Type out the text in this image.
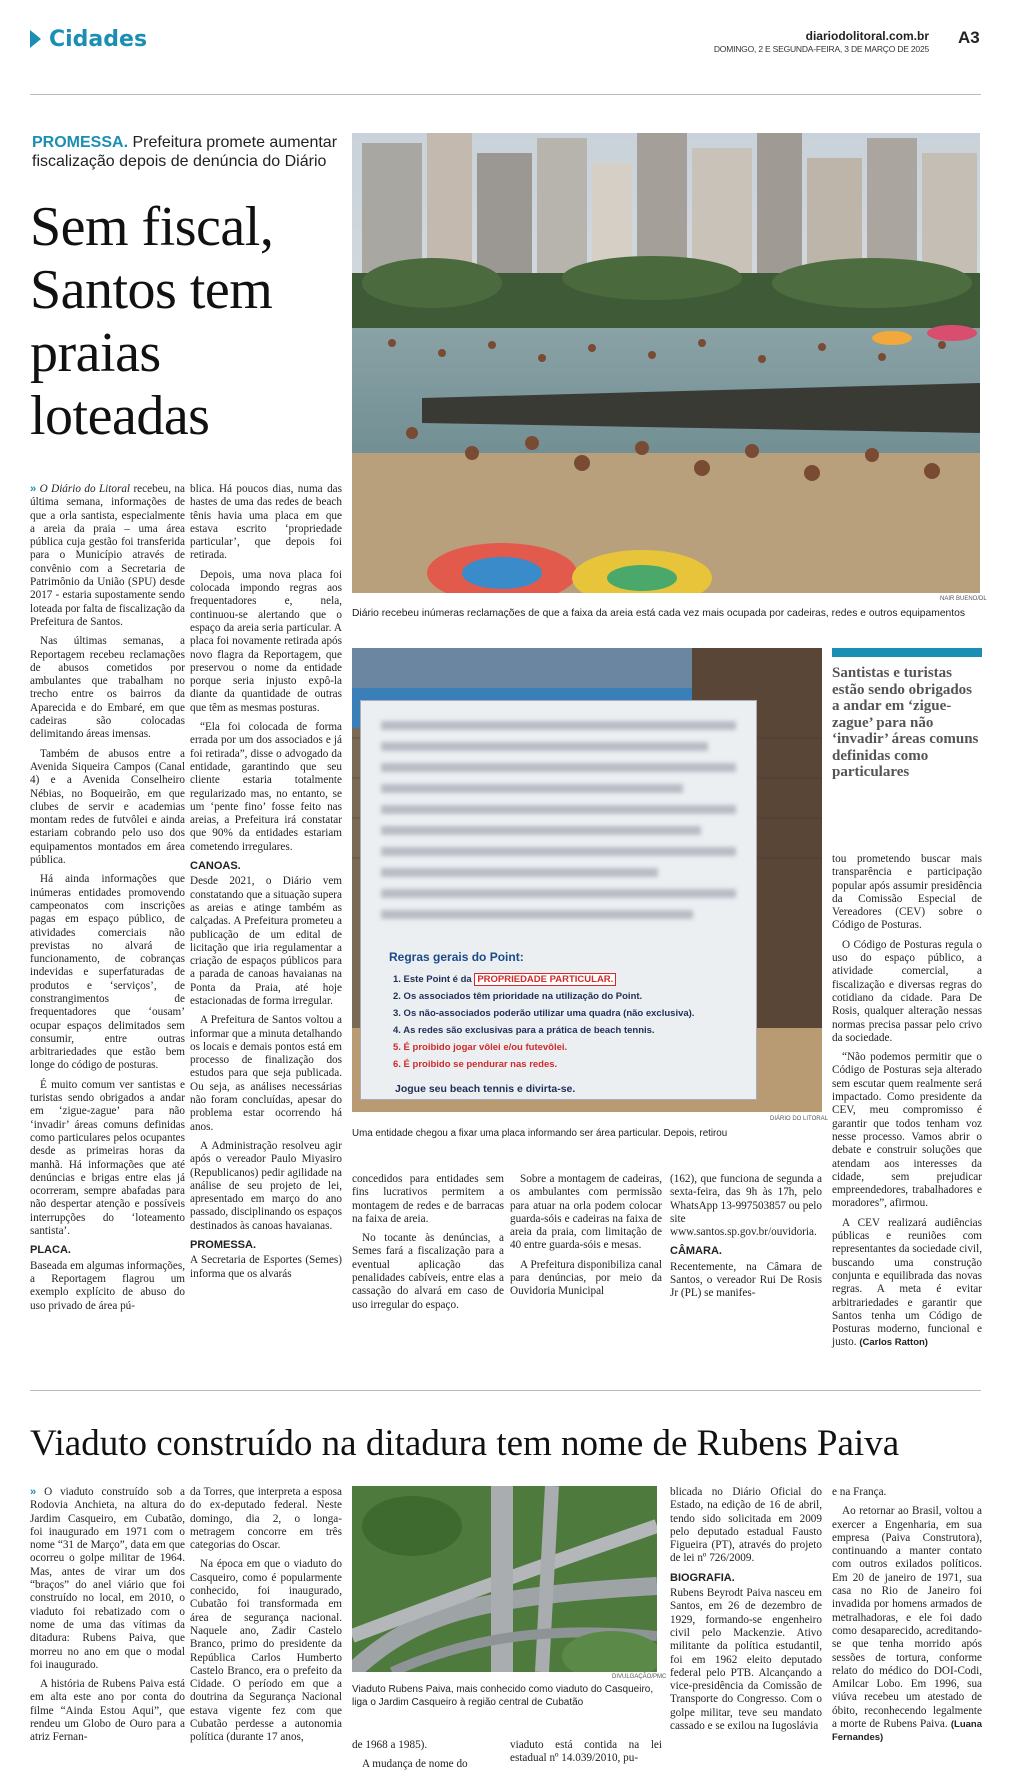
Cidades	diariodolitoral.com.br
DOMINGO, 2 E SEGUNDA-FEIRA, 3 DE MARÇO DE 2025
A3
PROMESSA. Prefeitura promete aumentar fiscalização depois de denúncia do Diário
Sem fiscal, Santos tem praias loteadas
NAIR BUENO/DL
Diário recebeu inúmeras reclamações de que a faixa da areia está cada vez mais ocupada por cadeiras, redes e outros equipamentos
Regras gerais do Point:
1. Este Point é da PROPRIEDADE PARTICULAR.
2. Os associados têm prioridade na utilização do Point.
3. Os não-associados poderão utilizar uma quadra (não exclusiva).
4. As redes são exclusivas para a prática de beach tennis.
5. É proibido jogar vôlei e/ou futevôlei.
6. É proibido se pendurar nas redes.
Jogue seu beach tennis e divirta-se.
DIÁRIO DO LITORAL
Uma entidade chegou a fixar uma placa informando ser área particular. Depois, retirou
Santistas e turistas estão sendo obrigados a andar em ‘zigue-zague’ para não ‘invadir’ áreas comuns definidas como particulares

» O Diário do Litoral recebeu, na última semana, informações de que a orla santista, especialmente a areia da praia – uma área pública cuja gestão foi transferida para o Município através de convênio com a Secretaria de Patrimônio da União (SPU) desde 2017 - estaria supostamente sendo loteada por falta de fiscalização da Prefeitura de Santos.

Nas últimas semanas, a Reportagem recebeu reclamações de abusos cometidos por ambulantes que trabalham no trecho entre os bairros da Aparecida e do Embaré, em que cadeiras são colocadas delimitando áreas imensas.

Também de abusos entre a Avenida Siqueira Campos (Canal 4) e a Avenida Conselheiro Nébias, no Boqueirão, em que clubes de servir e academias montam redes de futvôlei e ainda estariam cobrando pelo uso dos equipamentos montados em área pública.

Há ainda informações que inúmeras entidades promovendo campeonatos com inscrições pagas em espaço público, de atividades comerciais não previstas no alvará de funcionamento, de cobranças indevidas e superfaturadas de produtos e ‘serviços’, de constrangimentos de frequentadores que ‘ousam’ ocupar espaços delimitados sem consumir, entre outras arbitrariedades que estão bem longe do código de posturas.

É muito comum ver santistas e turistas sendo obrigados a andar em ‘zigue-zague’ para não ‘invadir’ áreas comuns definidas como particulares pelos ocupantes desde as primeiras horas da manhã. Há informações que até denúncias e brigas entre elas já ocorreram, sempre abafadas para não despertar atenção e possíveis interrupções do ‘loteamento santista’.

PLACA.

Baseada em algumas informações, a Reportagem flagrou um exemplo explícito de abuso do uso privado de área pú-

blica. Há poucos dias, numa das hastes de uma das redes de beach tênis havia uma placa em que estava escrito ‘propriedade particular’, que depois foi retirada.

Depois, uma nova placa foi colocada impondo regras aos frequentadores e, nela, continuou-se alertando que o espaço da areia seria particular. A placa foi novamente retirada após novo flagra da Reportagem, que preservou o nome da entidade porque seria injusto expô-la diante da quantidade de outras que têm as mesmas posturas.

“Ela foi colocada de forma errada por um dos associados e já foi retirada”, disse o advogado da entidade, garantindo que seu cliente estaria totalmente regularizado mas, no entanto, se um ‘pente fino’ fosse feito nas areias, a Prefeitura irá constatar que 90% da entidades estariam cometendo irregulares.

CANOAS.

Desde 2021, o Diário vem constatando que a situação supera as areias e atinge também as calçadas. A Prefeitura prometeu a publicação de um edital de licitação que iria regulamentar a criação de espaços públicos para a parada de canoas havaianas na Ponta da Praia, até hoje estacionadas de forma irregular.

A Prefeitura de Santos voltou a informar que a minuta detalhando os locais e demais pontos está em processo de finalização dos estudos para que seja publicada. Ou seja, as análises necessárias não foram concluídas, apesar do problema estar ocorrendo há anos.

A Administração resolveu agir após o vereador Paulo Miyasiro (Republicanos) pedir agilidade na análise de seu projeto de lei, apresentado em março do ano passado, disciplinando os espaços destinados às canoas havaianas.

PROMESSA.

A Secretaria de Esportes (Semes) informa que os alvarás

concedidos para entidades sem fins lucrativos permitem a montagem de redes e de barracas na faixa de areia.

No tocante às denúncias, a Semes fará a fiscalização para a eventual aplicação das penalidades cabíveis, entre elas a cassação do alvará em caso de uso irregular do espaço.

Sobre a montagem de cadeiras, os ambulantes com permissão para atuar na orla podem colocar guarda-sóis e cadeiras na faixa de areia da praia, com limitação de 40 entre guarda-sóis e mesas.

A Prefeitura disponibiliza canal para denúncias, por meio da Ouvidoria Municipal

(162), que funciona de segunda a sexta-feira, das 9h às 17h, pelo WhatsApp 13-997503857 ou pelo site www.santos.sp.gov.br/ouvidoria.

CÂMARA.

Recentemente, na Câmara de Santos, o vereador Rui De Rosis Jr (PL) se manifes-

tou prometendo buscar mais transparência e participação popular após assumir presidência da Comissão Especial de Vereadores (CEV) sobre o Código de Posturas.

O Código de Posturas regula o uso do espaço público, a atividade comercial, a fiscalização e diversas regras do cotidiano da cidade. Para De Rosis, qualquer alteração nessas normas precisa passar pelo crivo da sociedade.

“Não podemos permitir que o Código de Posturas seja alterado sem escutar quem realmente será impactado. Como presidente da CEV, meu compromisso é garantir que todos tenham voz nesse processo. Vamos abrir o debate e construir soluções que atendam aos interesses da cidade, sem prejudicar empreendedores, trabalhadores e moradores”, afirmou.

A CEV realizará audiências públicas e reuniões com representantes da sociedade civil, buscando uma construção conjunta e equilibrada das novas regras. A meta é evitar arbitrariedades e garantir que Santos tenha um Código de Posturas moderno, funcional e justo. (Carlos Ratton)

Viaduto construído na ditadura tem nome de Rubens Paiva
DIVULGAÇÃO/PMC
Viaduto Rubens Paiva, mais conhecido como viaduto do Casqueiro, liga o Jardim Casqueiro à região central de Cubatão

» O viaduto construído sob a Rodovia Anchieta, na altura do Jardim Casqueiro, em Cubatão, foi inaugurado em 1971 com o nome “31 de Março”, data em que ocorreu o golpe militar de 1964. Mas, antes de virar um dos “braços” do anel viário que foi construído no local, em 2010, o viaduto foi rebatizado com o nome de uma das vítimas da ditadura: Rubens Paiva, que morreu no ano em que o modal foi inaugurado.

A história de Rubens Paiva está em alta este ano por conta do filme “Ainda Estou Aqui”, que rendeu um Globo de Ouro para a atriz Fernan-

da Torres, que interpreta a esposa do ex-deputado federal. Neste domingo, dia 2, o longa-metragem concorre em três categorias do Oscar.

Na época em que o viaduto do Casqueiro, como é popularmente conhecido, foi inaugurado, Cubatão foi transformada em área de segurança nacional. Naquele ano, Zadir Castelo Branco, primo do presidente da República Carlos Humberto Castelo Branco, era o prefeito da Cidade. O período em que a doutrina da Segurança Nacional estava vigente fez com que Cubatão perdesse a autonomia política (durante 17 anos,

de 1968 a 1985).

A mudança de nome do

viaduto está contida na lei estadual nº 14.039/2010, pu-

blicada no Diário Oficial do Estado, na edição de 16 de abril, tendo sido solicitada em 2009 pelo deputado estadual Fausto Figueira (PT), através do projeto de lei nº 726/2009.

BIOGRAFIA.

Rubens Beyrodt Paiva nasceu em Santos, em 26 de dezembro de 1929, formando-se engenheiro civil pelo Mackenzie. Ativo militante da política estudantil, foi em 1962 eleito deputado federal pelo PTB. Alcançando a vice-presidência da Comissão de Transporte do Congresso. Com o golpe militar, teve seu mandato cassado e se exilou na Iugoslávia

e na França.

Ao retornar ao Brasil, voltou a exercer a Engenharia, em sua empresa (Paiva Construtora), continuando a manter contato com outros exilados políticos. Em 20 de janeiro de 1971, sua casa no Rio de Janeiro foi invadida por homens armados de metralhadoras, e ele foi dado como desaparecido, acreditando-se que tenha morrido após sessões de tortura, conforme relato do médico do DOI-Codi, Amilcar Lobo. Em 1996, sua viúva recebeu um atestado de óbito, reconhecendo legalmente a morte de Rubens Paiva. (Luana Fernandes)
